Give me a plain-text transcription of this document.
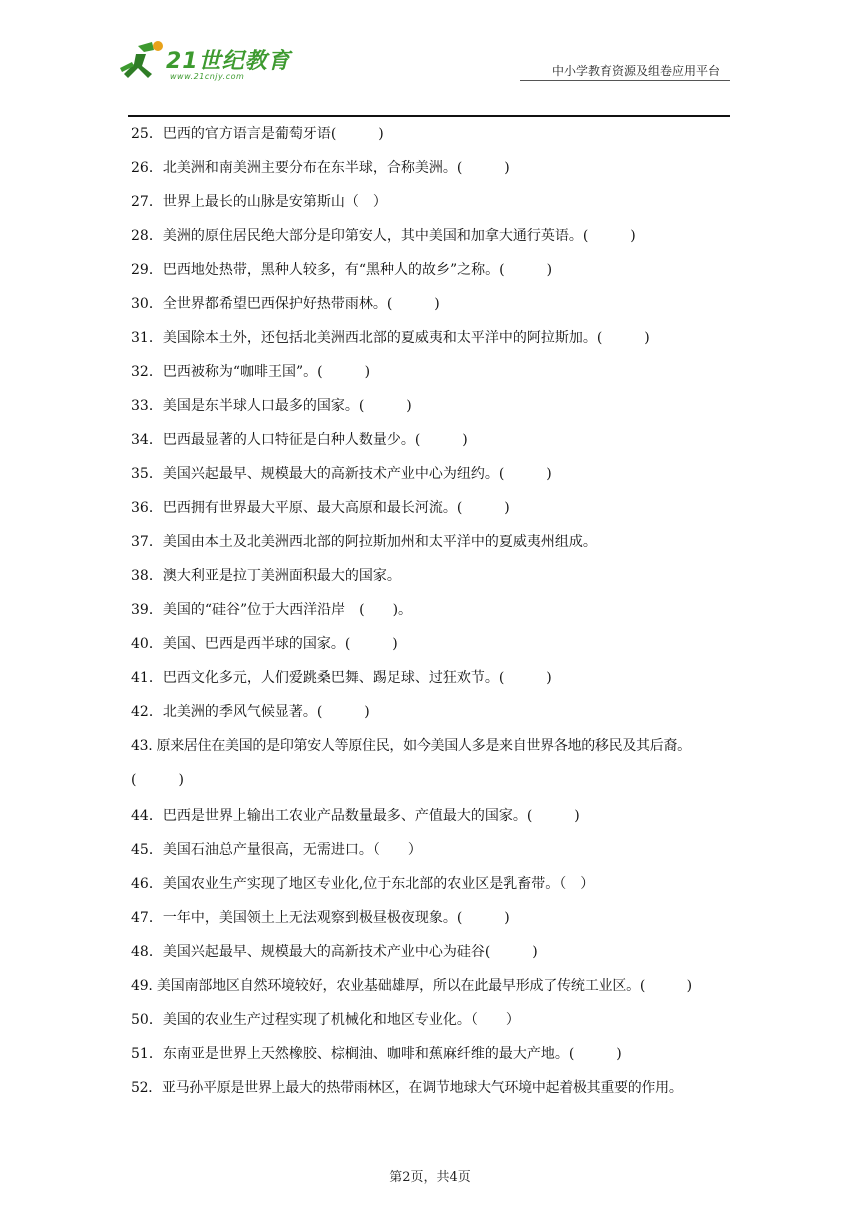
21世纪教育
www.21cnjy.com	中小学教育资源及组卷应用平台
25．巴西的官方语言是葡萄牙语(　　　)
26．北美洲和南美洲主要分布在东半球，合称美洲。(　　　)
27．世界上最长的山脉是安第斯山（　）
28．美洲的原住居民绝大部分是印第安人，其中美国和加拿大通行英语。(　　　)
29．巴西地处热带，黑种人较多，有“黑种人的故乡”之称。(　　　)
30．全世界都希望巴西保护好热带雨林。(　　　)
31．美国除本土外，还包括北美洲西北部的夏威夷和太平洋中的阿拉斯加。(　　　)
32．巴西被称为“咖啡王国”。(　　　)
33．美国是东半球人口最多的国家。(　　　)
34．巴西最显著的人口特征是白种人数量少。(　　　)
35．美国兴起最早、规模最大的高新技术产业中心为纽约。(　　　)
36．巴西拥有世界最大平原、最大高原和最长河流。(　　　)
37．美国由本土及北美洲西北部的阿拉斯加州和太平洋中的夏威夷州组成。
38．澳大利亚是拉丁美洲面积最大的国家。
39．美国的“硅谷”位于大西洋沿岸　(　　)。
40．美国、巴西是西半球的国家。(　　　)
41．巴西文化多元，人们爱跳桑巴舞、踢足球、过狂欢节。(　　　)
42．北美洲的季风气候显著。(　　　)
43. 原来居住在美国的是印第安人等原住民，如今美国人多是来自世界各地的移民及其后裔。
(　　　)
44．巴西是世界上输出工农业产品数量最多、产值最大的国家。(　　　)
45．美国石油总产量很高，无需进口。（　　）
46．美国农业生产实现了地区专业化,位于东北部的农业区是乳畜带。（　）
47．一年中，美国领土上无法观察到极昼极夜现象。(　　　)
48．美国兴起最早、规模最大的高新技术产业中心为硅谷(　　　)
49. 美国南部地区自然环境较好，农业基础雄厚，所以在此最早形成了传统工业区。(　　　)
50．美国的农业生产过程实现了机械化和地区专业化。（　　）
51．东南亚是世界上天然橡胶、棕榈油、咖啡和蕉麻纤维的最大产地。(　　　)
52．亚马孙平原是世界上最大的热带雨林区，在调节地球大气环境中起着极其重要的作用。
第2页，共4页
